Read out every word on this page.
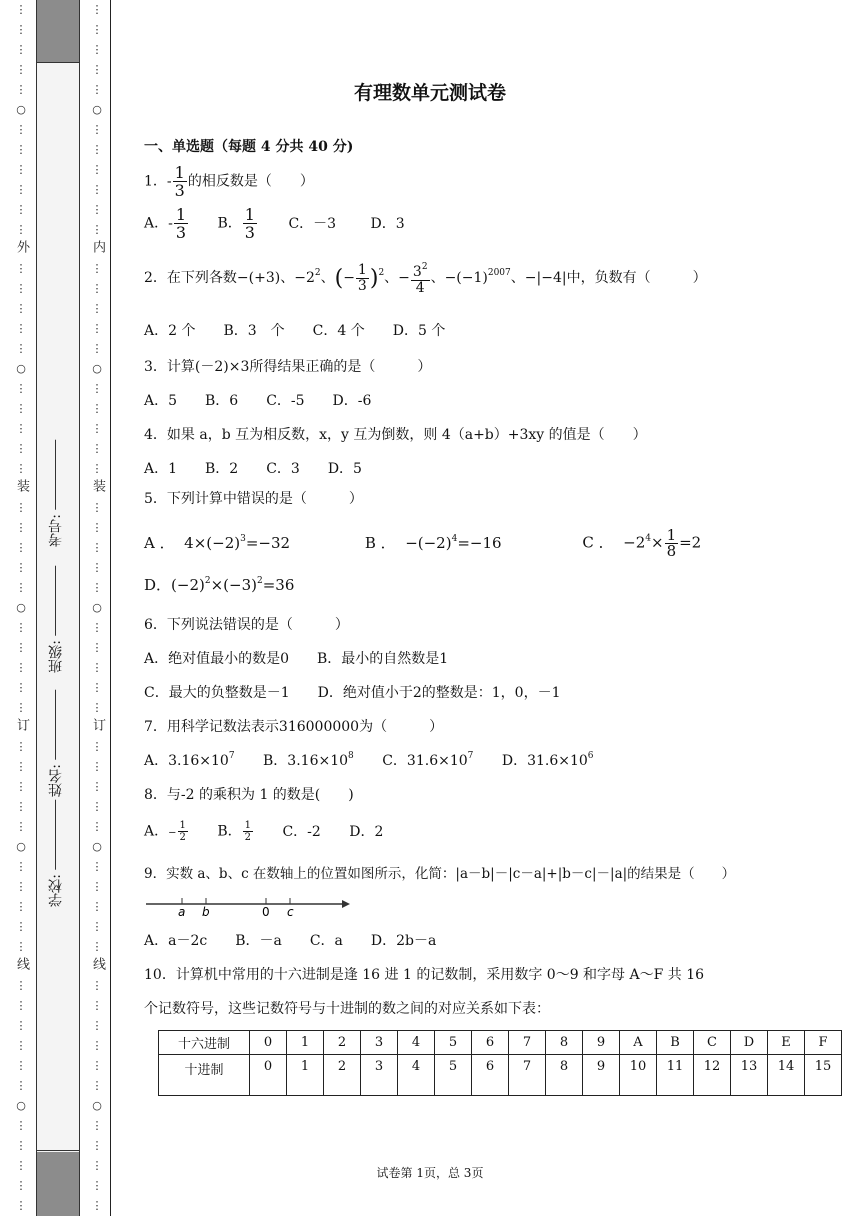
⋮
⋮
⋮
⋮
⋮
○
⋮
⋮
⋮
⋮
⋮
⋮
外
⋮
⋮
⋮
⋮
⋮
○
⋮
⋮
⋮
⋮
⋮
装
⋮
⋮
⋮
⋮
⋮
○
⋮
⋮
⋮
⋮
⋮
订
⋮
⋮
⋮
⋮
⋮
○
⋮
⋮
⋮
⋮
⋮
线
⋮
⋮
⋮
⋮
⋮
⋮
○
⋮
⋮
⋮
⋮
⋮
学校:
姓名:
班级:
考号:
⋮
⋮
⋮
⋮
⋮
○
⋮
⋮
⋮
⋮
⋮
⋮
内
⋮
⋮
⋮
⋮
⋮
○
⋮
⋮
⋮
⋮
⋮
装
⋮
⋮
⋮
⋮
⋮
○
⋮
⋮
⋮
⋮
⋮
订
⋮
⋮
⋮
⋮
⋮
○
⋮
⋮
⋮
⋮
⋮
线
⋮
⋮
⋮
⋮
⋮
⋮
○
⋮
⋮
⋮
⋮
⋮
有理数单元测试卷
一、单选题（每题 4 分共 40 分)
1．- $\frac{1}{3}$ 的相反数是（　　）
A．- $\frac{1}{3}$ B． $\frac{1}{3}$ C．－3 D．3
2．在下列各数−(+3)、$-2^2$、(− $\frac{1}{3} )^2$、− $\frac{3^2}{4}$ 、$-(-1)^{2007}$、−|−4|中，负数有（　　　）
A．2 个　　B．3　个　　C．4 个　　D．5 个
3．计算(－2)×3所得结果正确的是（　　　）
A．5　　B．6　　C．-5　　D．-6
4．如果 a，b 互为相反数，x，y 互为倒数，则 4（a+b）+3xy 的值是（　　）
A．1　　B．2　　C．3　　D．5
5．下列计算中错误的是（　　　）
A ． $4\times(-2)^3=-32$	B ． $-(-2)^4=-16$	C ． $-2^4\times \frac{1}{8} =2$
D．$(-2)^2\times(-3)^2=36$
6．下列说法错误的是（　　　）
A．绝对值最小的数是0　　B．最小的自然数是1
C．最大的负整数是－1　　D．绝对值小于2的整数是：1，0，－1
7．用科学记数法表示316000000为（　　　）
A．$3.16\times 10^7$ B．$3.16\times 10^8$ C．$31.6\times 10^7$ D．$31.6\times 10^6$
8．与-2 的乘积为 1 的数是(　　)
A．− $\frac{1}{2}$ B． $\frac{1}{2}$ C．-2 D．2
9．实数 a、b、c 在数轴上的位置如图所示，化简：|a－b|－|c－a|+|b－c|－|a|的结果是（　　）
a b	0 c
A．a－2c　　B．－a　　C．a　　D．2b－a
10．计算机中常用的十六进制是逢 16 进 1 的记数制，采用数字 0～9 和字母 A～F 共 16
个记数符号，这些记数符号与十进制的数之间的对应关系如下表：
十六进制	0	1	2	3	4	5	6	7	8	9	A	B	C	D	E	F
十进制	0	1	2	3	4	5	6	7	8	9	10	11	12	13	14	15
试卷第 1页，总 3页
